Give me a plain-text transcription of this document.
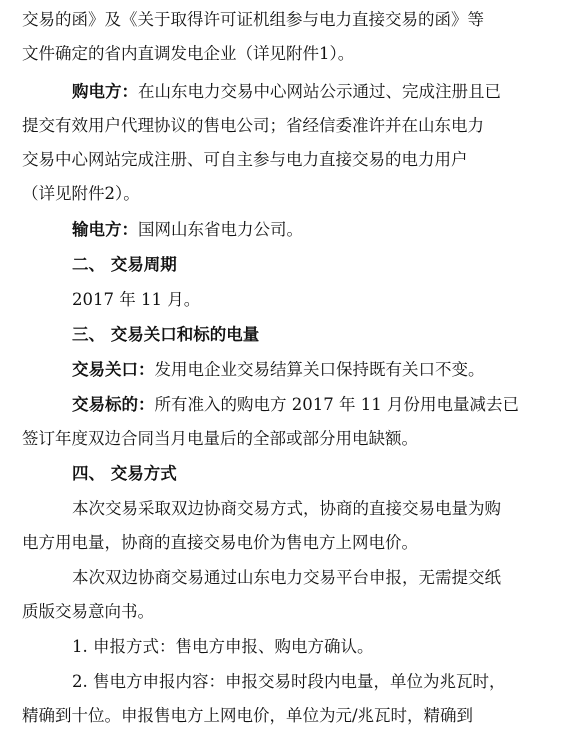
交易的函》及《关于取得许可证机组参与电力直接交易的函》等
文件确定的省内直调发电企业（详见附件1）。
购电方：在山东电力交易中心网站公示通过、完成注册且已
提交有效用户代理协议的售电公司；省经信委准许并在山东电力
交易中心网站完成注册、可自主参与电力直接交易的电力用户
（详见附件2）。
输电方：国网山东省电力公司。
二、 交易周期
2017 年 11 月。
三、 交易关口和标的电量
交易关口：发用电企业交易结算关口保持既有关口不变。
交易标的：所有准入的购电方 2017 年 11 月份用电量减去已
签订年度双边合同当月电量后的全部或部分用电缺额。
四、 交易方式
本次交易采取双边协商交易方式，协商的直接交易电量为购
电方用电量，协商的直接交易电价为售电方上网电价。
本次双边协商交易通过山东电力交易平台申报，无需提交纸
质版交易意向书。
1. 申报方式：售电方申报、购电方确认。
2. 售电方申报内容：申报交易时段内电量，单位为兆瓦时，
精确到十位。申报售电方上网电价，单位为元/兆瓦时，精确到
